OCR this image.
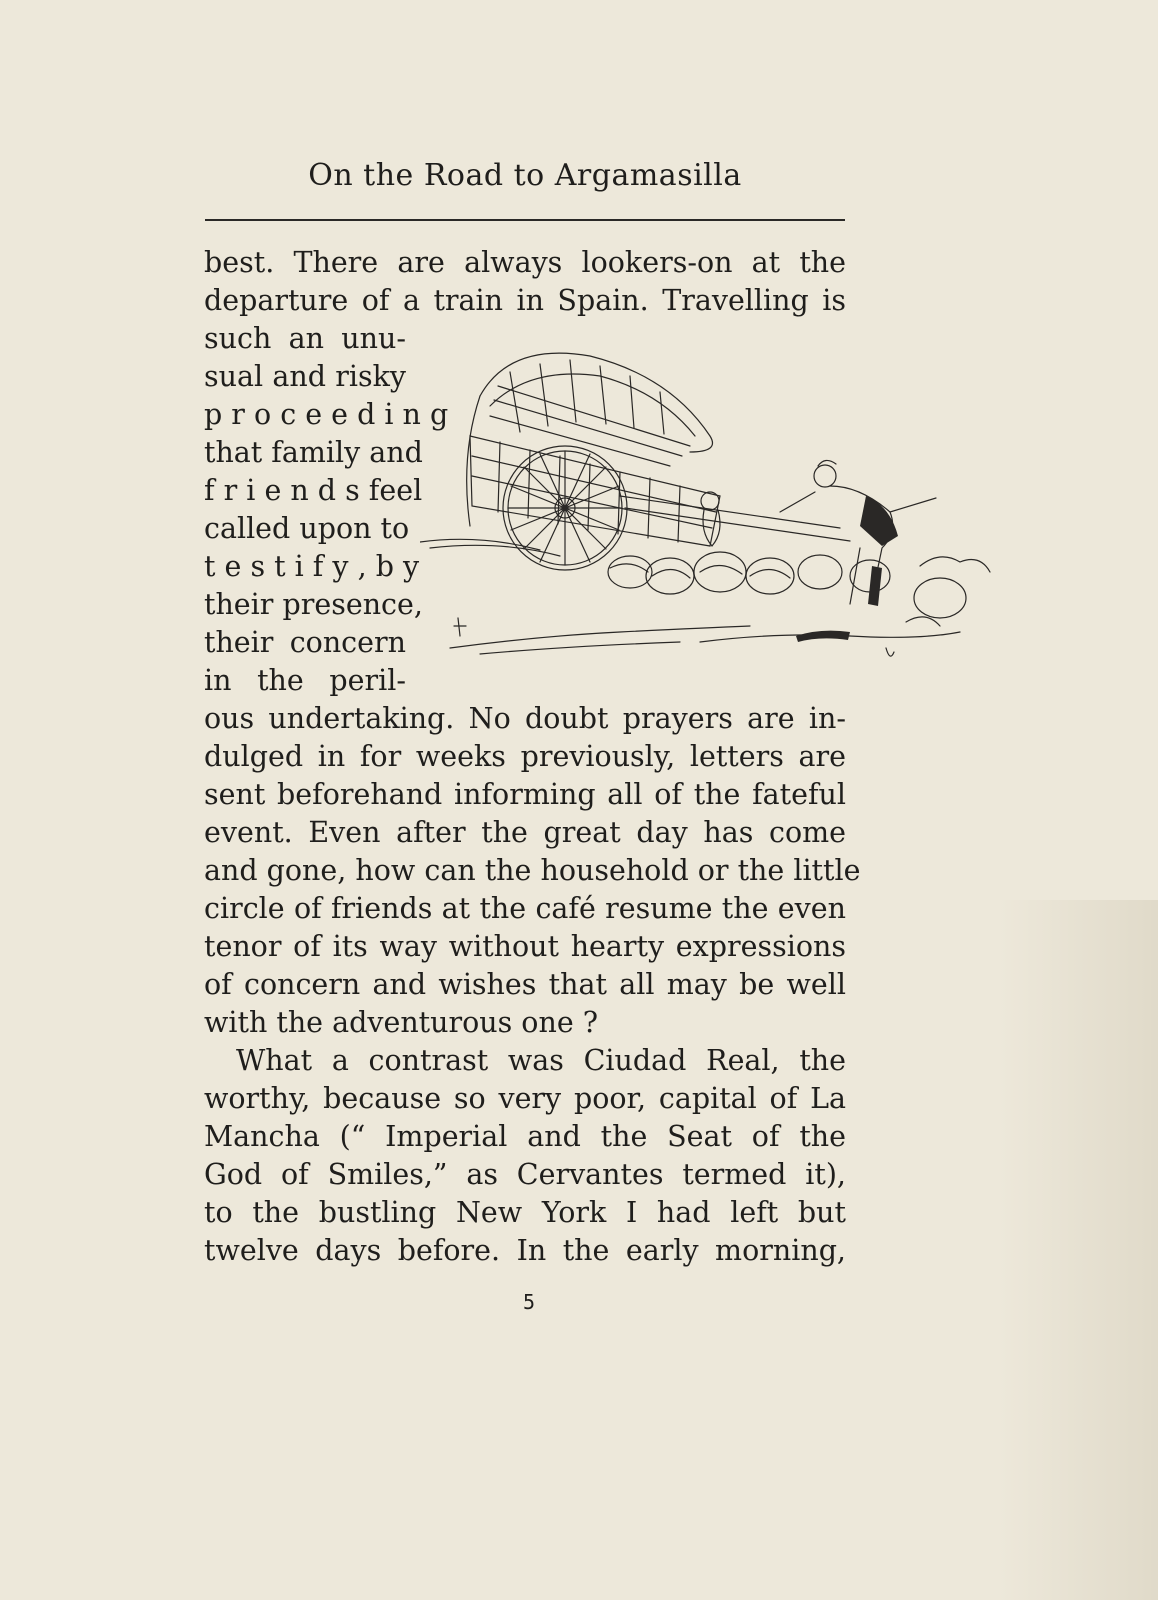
On the Road to Argamasilla
best. There are always lookers-on at the
departure of a train in Spain. Travelling is
such an unu-
sual and risky
p r o c e e d i n g
that family and
f r i e n d s feel
called upon to
t e s t i f y , b y
their presence,
their concern
in the peril-
ous undertaking. No doubt prayers are in-
dulged in for weeks previously, letters are
sent beforehand informing all of the fateful
event. Even after the great day has come
and gone, how can the household or the little
circle of friends at the café resume the even
tenor of its way without hearty expressions
of concern and wishes that all may be well
with the adventurous one ?
What a contrast was Ciudad Real, the
worthy, because so very poor, capital of La
Mancha (“ Imperial and the Seat of the
God of Smiles,” as Cervantes termed it),
to the bustling New York I had left but
twelve days before. In the early morning,
5
